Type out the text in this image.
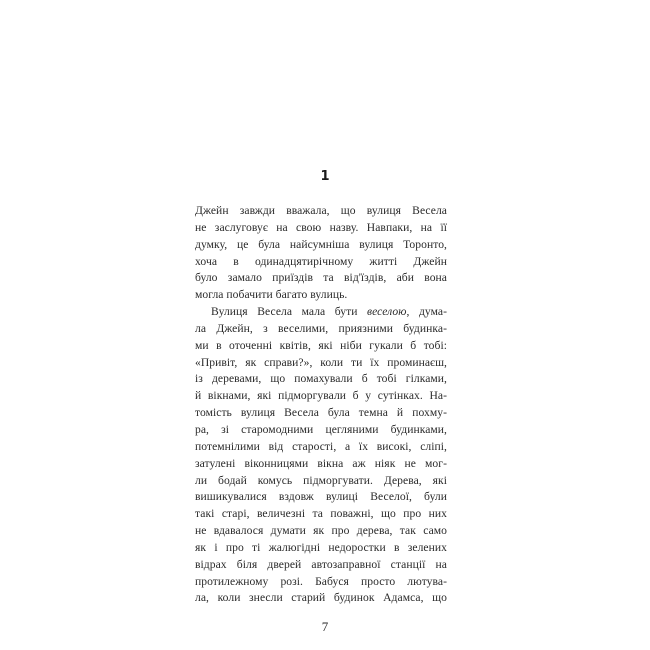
1
Джейн завжди вважала, що вулиця Весела
не заслуговує на свою назву. Навпаки, на її
думку, це була найсумніша вулиця Торонто,
хоча в одинадцятирічному житті Джейн
було замало приїздів та від'їздів, аби вона
могла побачити багато вулиць.
Вулиця Весела мала бути веселою, дума-
ла Джейн, з веселими, приязними будинка-
ми в оточенні квітів, які ніби гукали б тобі:
«Привіт, як справи?», коли ти їх проминаєш,
із деревами, що помахували б тобі гілками,
й вікнами, які підморгували б у сутінках. На-
томість вулиця Весела була темна й похму-
ра, зі старомодними цегляними будинками,
потемнілими від старості, а їх високі, сліпі,
затулені віконницями вікна аж ніяк не мог-
ли бодай комусь підморгувати. Дерева, які
вишикувалися вздовж вулиці Веселої, були
такі старі, величезні та поважні, що про них
не вдавалося думати як про дерева, так само
як і про ті жалюгідні недоростки в зелених
відрах біля дверей автозаправної станції на
протилежному розі. Бабуся просто лютува-
ла, коли знесли старий будинок Адамса, що
7
